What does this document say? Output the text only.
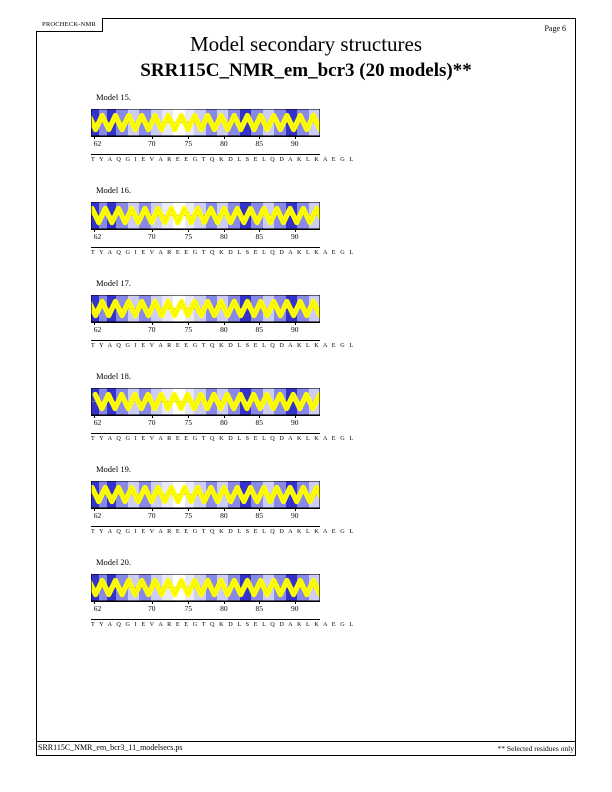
PROCHECK-NMR	Page 6
Model secondary structures
SRR115C_NMR_em_bcr3 (20 models)**
Model 15.
62	70	75	80	85	90
T Y A Q G I E V A R E E G T Q K D L S E L Q D A K L K A E G L
Model 16.
62	70	75	80	85	90
T Y A Q G I E V A R E E G T Q K D L S E L Q D A K L K A E G L
Model 17.
62	70	75	80	85	90
T Y A Q G I E V A R E E G T Q K D L S E L Q D A K L K A E G L
Model 18.
62	70	75	80	85	90
T Y A Q G I E V A R E E G T Q K D L S E L Q D A K L K A E G L
Model 19.
62	70	75	80	85	90
T Y A Q G I E V A R E E G T Q K D L S E L Q D A K L K A E G L
Model 20.
62	70	75	80	85	90
T Y A Q G I E V A R E E G T Q K D L S E L Q D A K L K A E G L
SRR115C_NMR_em_bcr3_11_modelsecs.ps	** Selected residues only
